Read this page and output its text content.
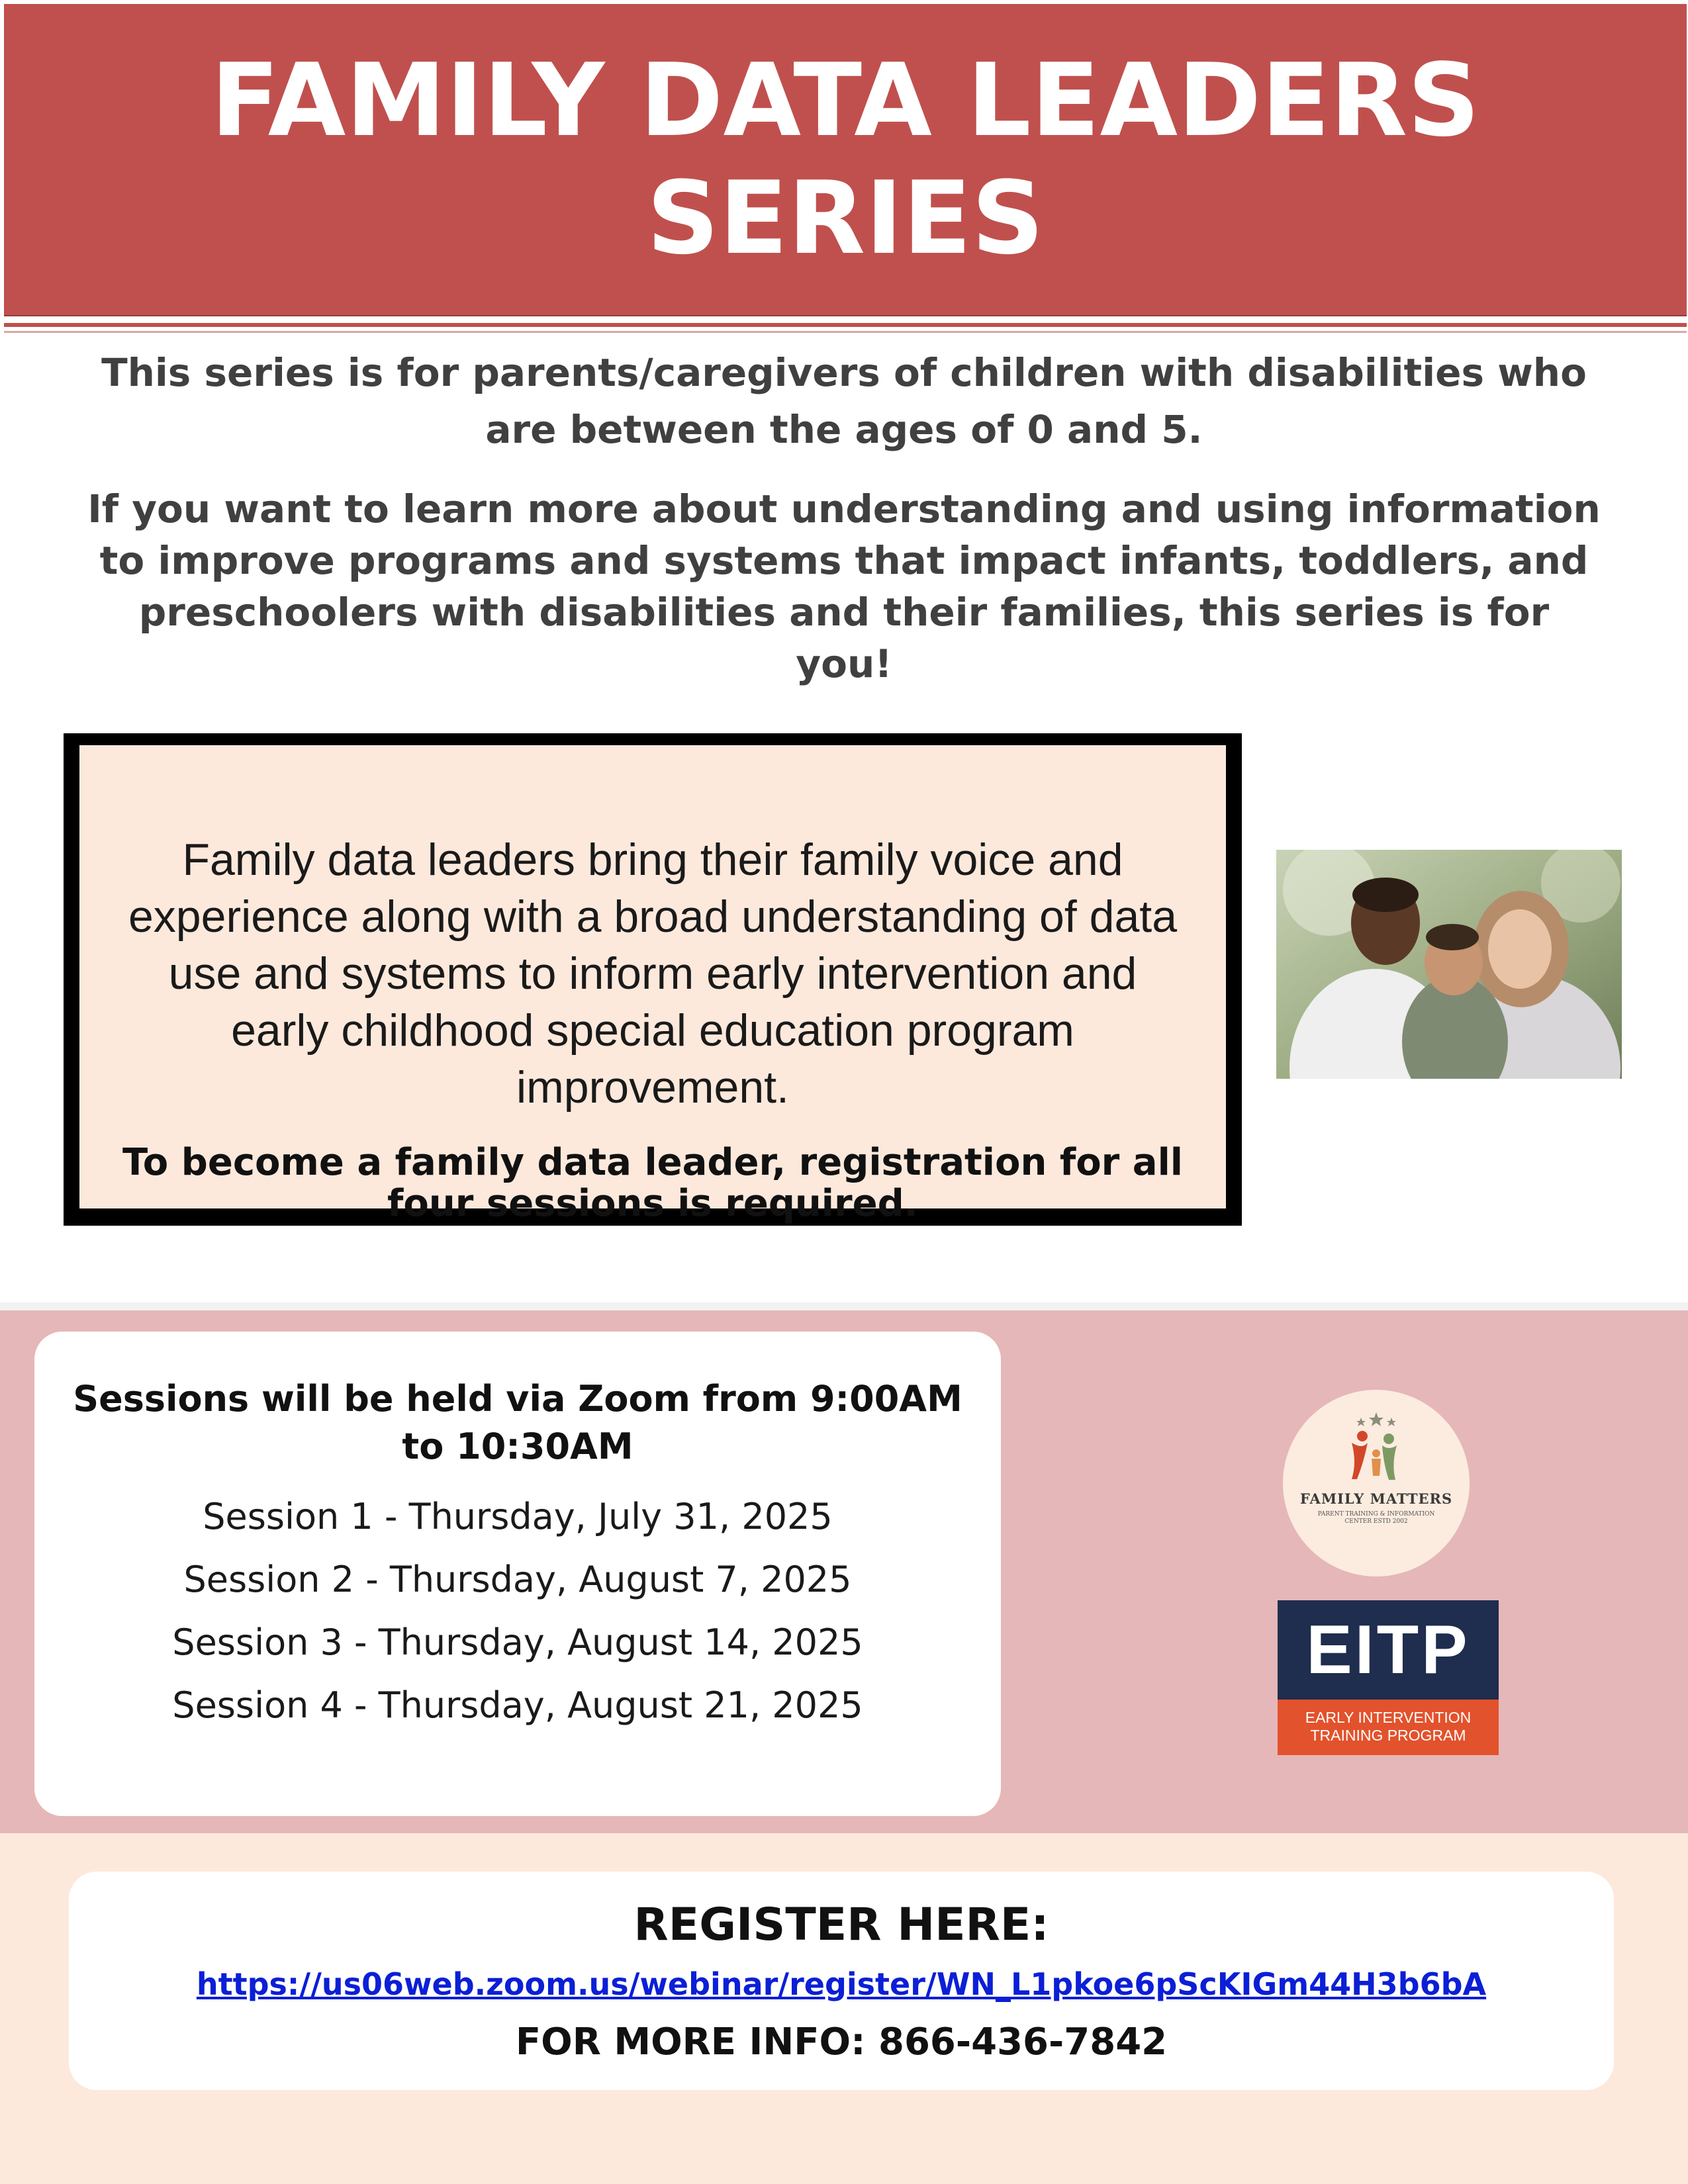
FAMILY DATA LEADERS SERIES

This series is for parents/caregivers of children with disabilities who are between the ages of 0 and 5.

If you want to learn more about understanding and using information to improve programs and systems that impact infants, toddlers, and preschoolers with disabilities and their families, this series is for you!

Family data leaders bring their family voice and experience along with a broad understanding of data use and systems to inform early intervention and early childhood special education program improvement.

To become a family data leader, registration for all four sessions is required.

Sessions will be held via Zoom from 9:00AM to 10:30AM

Session 1 - Thursday, July 31, 2025

Session 2 - Thursday, August 7, 2025

Session 3 - Thursday, August 14, 2025

Session 4 - Thursday, August 21, 2025

FAMILY MATTERS
PARENT TRAINING & INFORMATION CENTER ESTD 2002
EITP
EARLY INTERVENTION TRAINING PROGRAM

REGISTER HERE:

https://us06web.zoom.us/webinar/register/WN_L1pkoe6pScKIGm44H3b6bA

FOR MORE INFO: 866-436-7842
